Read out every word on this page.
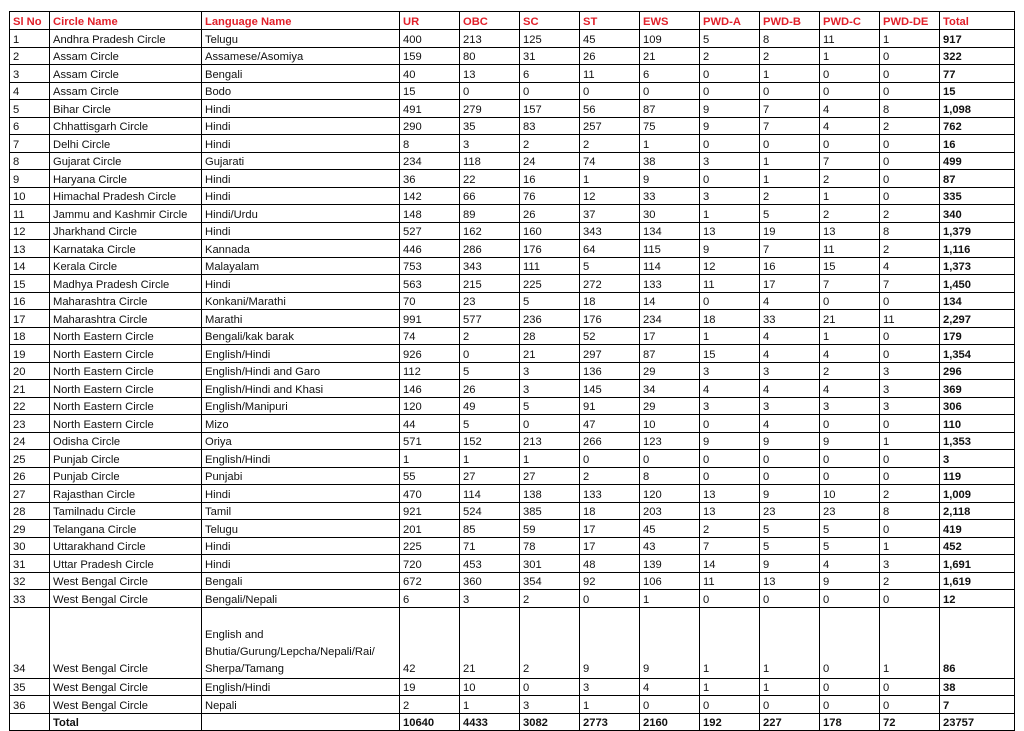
Sl No	Circle Name	Language Name	UR	OBC	SC	ST	EWS	PWD-A	PWD-B	PWD-C	PWD-DE	Total
1	Andhra Pradesh Circle	Telugu	400	213	125	45	109	5	8	11	1	917
2	Assam Circle	Assamese/Asomiya	159	80	31	26	21	2	2	1	0	322
3	Assam Circle	Bengali	40	13	6	11	6	0	1	0	0	77
4	Assam Circle	Bodo	15	0	0	0	0	0	0	0	0	15
5	Bihar Circle	Hindi	491	279	157	56	87	9	7	4	8	1,098
6	Chhattisgarh Circle	Hindi	290	35	83	257	75	9	7	4	2	762
7	Delhi Circle	Hindi	8	3	2	2	1	0	0	0	0	16
8	Gujarat Circle	Gujarati	234	118	24	74	38	3	1	7	0	499
9	Haryana Circle	Hindi	36	22	16	1	9	0	1	2	0	87
10	Himachal Pradesh Circle	Hindi	142	66	76	12	33	3	2	1	0	335
11	Jammu and Kashmir Circle	Hindi/Urdu	148	89	26	37	30	1	5	2	2	340
12	Jharkhand Circle	Hindi	527	162	160	343	134	13	19	13	8	1,379
13	Karnataka Circle	Kannada	446	286	176	64	115	9	7	11	2	1,116
14	Kerala Circle	Malayalam	753	343	111	5	114	12	16	15	4	1,373
15	Madhya Pradesh Circle	Hindi	563	215	225	272	133	11	17	7	7	1,450
16	Maharashtra Circle	Konkani/Marathi	70	23	5	18	14	0	4	0	0	134
17	Maharashtra Circle	Marathi	991	577	236	176	234	18	33	21	11	2,297
18	North Eastern Circle	Bengali/kak barak	74	2	28	52	17	1	4	1	0	179
19	North Eastern Circle	English/Hindi	926	0	21	297	87	15	4	4	0	1,354
20	North Eastern Circle	English/Hindi and Garo	112	5	3	136	29	3	3	2	3	296
21	North Eastern Circle	English/Hindi and Khasi	146	26	3	145	34	4	4	4	3	369
22	North Eastern Circle	English/Manipuri	120	49	5	91	29	3	3	3	3	306
23	North Eastern Circle	Mizo	44	5	0	47	10	0	4	0	0	110
24	Odisha Circle	Oriya	571	152	213	266	123	9	9	9	1	1,353
25	Punjab Circle	English/Hindi	1	1	1	0	0	0	0	0	0	3
26	Punjab Circle	Punjabi	55	27	27	2	8	0	0	0	0	119
27	Rajasthan Circle	Hindi	470	114	138	133	120	13	9	10	2	1,009
28	Tamilnadu Circle	Tamil	921	524	385	18	203	13	23	23	8	2,118
29	Telangana Circle	Telugu	201	85	59	17	45	2	5	5	0	419
30	Uttarakhand Circle	Hindi	225	71	78	17	43	7	5	5	1	452
31	Uttar Pradesh Circle	Hindi	720	453	301	48	139	14	9	4	3	1,691
32	West Bengal Circle	Bengali	672	360	354	92	106	11	13	9	2	1,619
33	West Bengal Circle	Bengali/Nepali	6	3	2	0	1	0	0	0	0	12
34	West Bengal Circle	English and Bhutia/Gurung/Lepcha/Nepali/Rai/ Sherpa/Tamang	42	21	2	9	9	1	1	0	1	86
35	West Bengal Circle	English/Hindi	19	10	0	3	4	1	1	0	0	38
36	West Bengal Circle	Nepali	2	1	3	1	0	0	0	0	0	7
	Total		10640	4433	3082	2773	2160	192	227	178	72	23757
